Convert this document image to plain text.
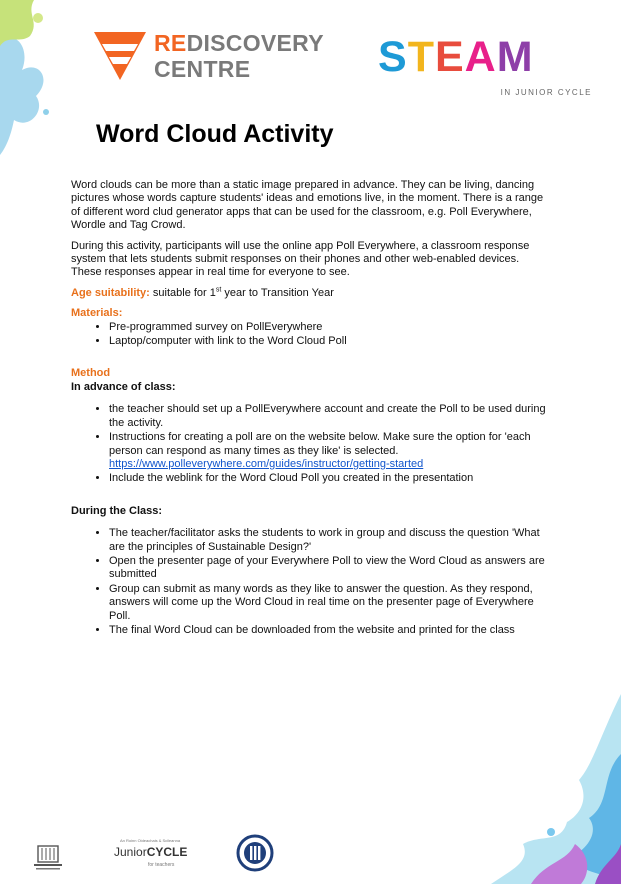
REDISCOVERY
CENTRE	STEAM
IN JUNIOR CYCLE
Word Cloud Activity

Word clouds can be more than a static image prepared in advance. They can be living, dancing pictures whose words capture students' ideas and emotions live, in the moment. There is a range of different word clud generator apps that can be used for the classroom, e.g. Poll Everywhere, Wordle and Tag Crowd.

During this activity, participants will use the online app Poll Everywhere, a classroom response system that lets students submit responses on their phones and other web-enabled devices. These responses appear in real time for everyone to see.

Age suitability: suitable for 1st year to Transition Year

Materials:
• Pre-programmed survey on PollEverywhere
• Laptop/computer with link to the Word Cloud Poll
Method
In advance of class:
• the teacher should set up a PollEverywhere account and create the Poll to be used during the activity.
• Instructions for creating a poll are on the website below. Make sure the option for 'each person can respond as many times as they like' is selected.
https://www.polleverywhere.com/guides/instructor/getting-started
• Include the weblink for the Word Cloud Poll you created in the presentation
During the Class:
• The teacher/facilitator asks the students to work in group and discuss the question 'What are the principles of Sustainable Design?'
• Open the presenter page of your Everywhere Poll to view the Word Cloud as answers are submitted
• Group can submit as many words as they like to answer the question. As they respond, answers will come up the Word Cloud in real time on the presenter page of Everywhere Poll.
• The final Word Cloud can be downloaded from the website and printed for the class
An Roinn Oideachais & Scileanna
JuniorCYCLE
for teachers
